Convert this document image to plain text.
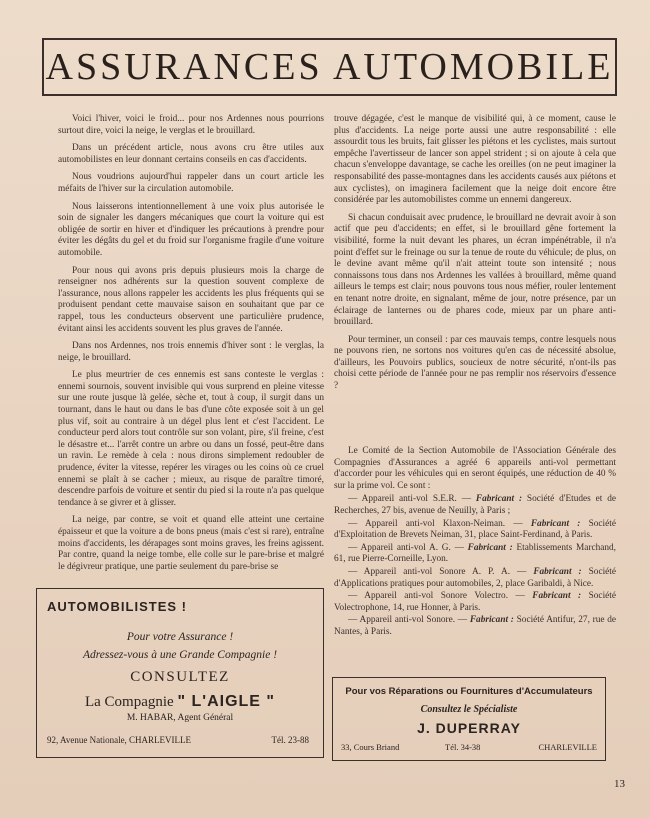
ASSURANCES AUTOMOBILE

Voici l'hiver, voici le froid... pour nos Ardennes nous pourrions surtout dire, voici la neige, le verglas et le brouillard.

Dans un précédent article, nous avons cru être utiles aux automobilistes en leur donnant certains conseils en cas d'accidents.

Nous voudrions aujourd'hui rappeler dans un court article les méfaits de l'hiver sur la circulation automobile.

Nous laisserons intentionnellement à une voix plus autorisée le soin de signaler les dangers mécaniques que court la voiture qui est obligée de sortir en hiver et d'indiquer les précautions à prendre pour éviter les dégâts du gel et du froid sur l'organisme fragile d'une voiture automobile.

Pour nous qui avons pris depuis plusieurs mois la charge de renseigner nos adhérents sur la question souvent complexe de l'assurance, nous allons rappeler les accidents les plus fréquents qui se produisent pendant cette mauvaise saison en souhaitant que par ce rappel, tous les conducteurs observent une particulière prudence, évitant ainsi les accidents souvent les plus graves de l'année.

Dans nos Ardennes, nos trois ennemis d'hiver sont : le verglas, la neige, le brouillard.

Le plus meurtrier de ces ennemis est sans conteste le verglas : ennemi sournois, souvent invisible qui vous surprend en pleine vitesse sur une route jusque là gelée, sèche et, tout à coup, il surgit dans un tournant, dans le haut ou dans le bas d'une côte exposée soit à un gel plus vif, soit au contraire à un dégel plus lent et c'est l'accident. Le conducteur perd alors tout contrôle sur son volant, pire, s'il freine, c'est le désastre et... l'arrêt contre un arbre ou dans un fossé, peut-être dans un ravin. Le remède à cela : nous dirons simplement redoubler de prudence, éviter la vitesse, repérer les virages ou les coins où ce cruel ennemi se plaît à se cacher ; mieux, au risque de paraître timoré, descendre parfois de voiture et sentir du pied si la route n'a pas quelque tendance à se givrer et à glisser.

La neige, par contre, se voit et quand elle atteint une certaine épaisseur et que la voiture a de bons pneus (mais c'est si rare), entraîne moins d'accidents, les dérapages sont moins graves, les freins agissent. Par contre, quand la neige tombe, elle colle sur le pare-brise et malgré le dégivreur pratique, une partie seulement du pare-brise se

trouve dégagée, c'est le manque de visibilité qui, à ce moment, cause le plus d'accidents. La neige porte aussi une autre responsabilité : elle assourdit tous les bruits, fait glisser les piétons et les cyclistes, mais surtout empêche l'avertisseur de lancer son appel strident ; si on ajoute à cela que chacun s'enveloppe davantage, se cache les oreilles (on ne peut imaginer la responsabilité des passe-montagnes dans les accidents causés aux piétons et aux cyclistes), on imaginera facilement que la neige doit encore être considérée par les automobilistes comme un ennemi dangereux.

Si chacun conduisait avec prudence, le brouillard ne devrait avoir à son actif que peu d'accidents; en effet, si le brouillard gêne fortement la visibilité, forme la nuit devant les phares, un écran impénétrable, il n'a point d'effet sur le freinage ou sur la tenue de route du véhicule; de plus, on le devine avant même qu'il n'ait atteint toute son intensité ; nous connaissons tous dans nos Ardennes les vallées à brouillard, même quand ailleurs le temps est clair; nous pouvons tous nous méfier, rouler lentement en tenant notre droite, en signalant, même de jour, notre présence, par un éclairage de lanternes ou de phares code, mieux par un phare anti-brouillard.

Pour terminer, un conseil : par ces mauvais temps, contre lesquels nous ne pouvons rien, ne sortons nos voitures qu'en cas de nécessité absolue, d'ailleurs, les Pouvoirs publics, soucieux de notre sécurité, n'ont-ils pas choisi cette période de l'année pour ne pas remplir nos réservoirs d'essence ?

Le Comité de la Section Automobile de l'Association Générale des Compagnies d'Assurances a agréé 6 appareils anti-vol permettant d'accorder pour les véhicules qui en seront équipés, une réduction de 40 % sur la prime vol. Ce sont :

— Appareil anti-vol S.E.R. — Fabricant : Société d'Etudes et de Recherches, 27 bis, avenue de Neuilly, à Paris ;

— Appareil anti-vol Klaxon-Neiman. — Fabricant : Société d'Exploitation de Brevets Neiman, 31, place Saint-Ferdinand, à Paris.

— Appareil anti-vol A. G. — Fabricant : Etablissements Marchand, 61, rue Pierre-Corneille, Lyon.

— Appareil anti-vol Sonore A. P. A. — Fabricant : Société d'Applications pratiques pour automobiles, 2, place Garibaldi, à Nice.

— Appareil anti-vol Sonore Volectro. — Fabricant : Société Volectrophone, 14, rue Honner, à Paris.

— Appareil anti-vol Sonore. — Fabricant : Société Antifur, 27, rue de Nantes, à Paris.

AUTOMOBILISTES !
Pour votre Assurance !
Adressez-vous à une Grande Compagnie !
CONSULTEZ
La Compagnie " L'AIGLE "
M. HABAR, Agent Général
92, Avenue Nationale, CHARLEVILLE	Tél. 23-88
Pour vos Réparations ou Fournitures d'Accumulateurs
Consultez le Spécialiste
J. DUPERRAY
33, Cours Briand	Tél. 34-38	CHARLEVILLE
13
